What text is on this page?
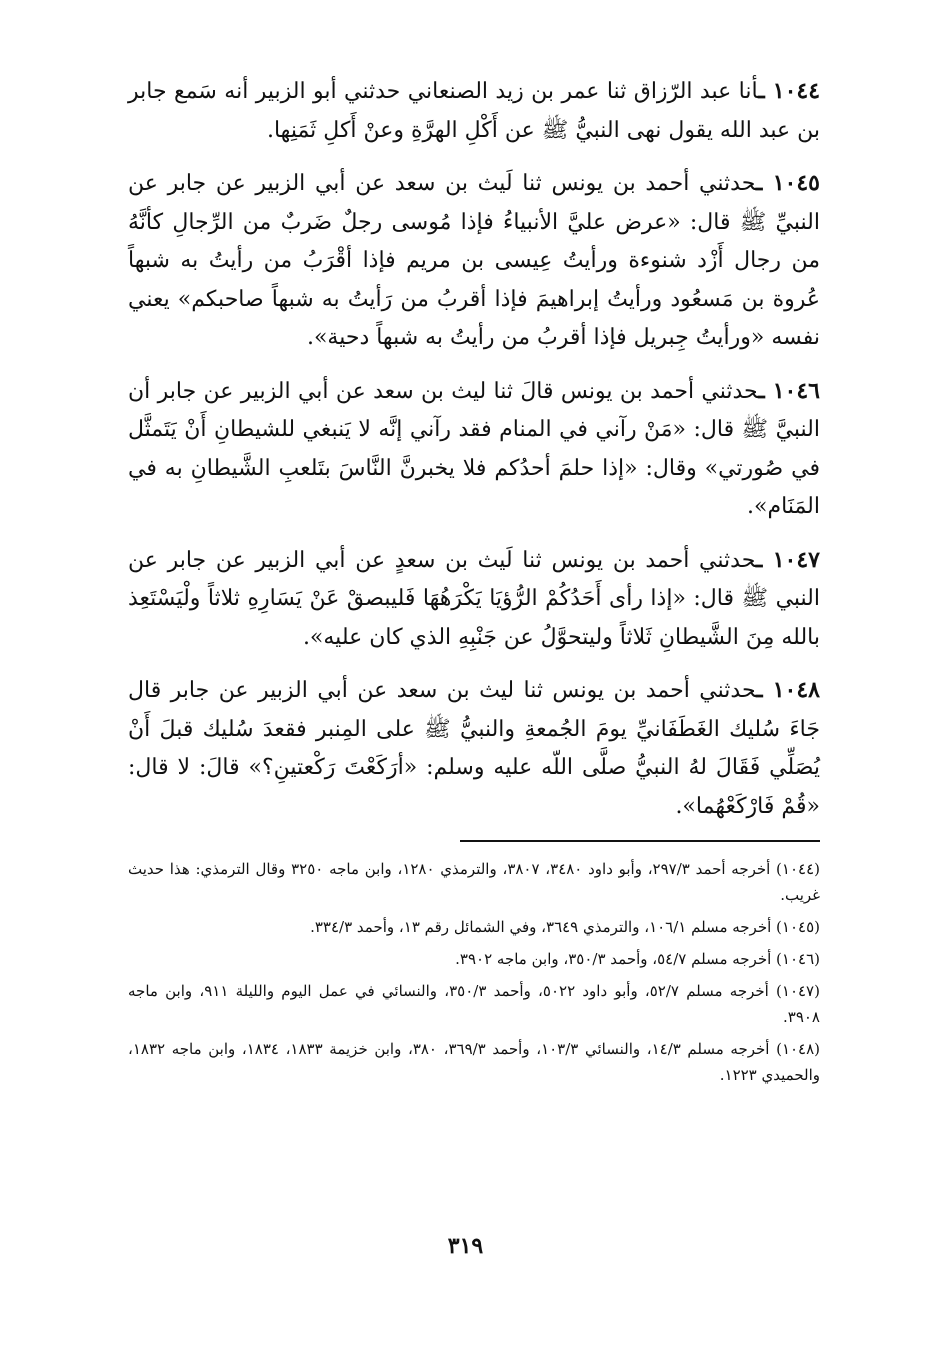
١٠٤٤ ـأنا عبد الرّزاق ثنا عمر بن زيد الصنعاني حدثني أبو الزبير أنه سَمع جابر بن عبد الله يقول نهى النبيُّ ﷺ عن أَكْلِ الهرَّةِ وعنْ أَكلِ ثَمَنِها.

١٠٤٥ ـحدثني أحمد بن يونس ثنا لَيث بن سعد عن أبي الزبير عن جابر عن النبيِّ ﷺ قال: «عرض عليَّ الأنبياءُ فإذا مُوسى رجلٌ ضَربٌ من الرِّجالِ كأنَّهُ من رجال أَزْد شنوءة ورأيتُ عِيسى بن مريم فإذا أقْرَبُ من رأيتُ به شبهاً عُروة بن مَسعُود ورأيتُ إبراهيمَ فإذا أقربُ من رَأيتُ به شبهاً صاحبكم» يعني نفسه «ورأيتُ جِبريل فإذا أقربُ من رأيتُ به شبهاً دحية».

١٠٤٦ ـحدثني أحمد بن يونس قالَ ثنا ليث بن سعد عن أبي الزبير عن جابر أن النبيَّ ﷺ قال: «مَنْ رآني في المنام فقد رآني إنَّه لا يَنبغي للشيطانِ أَنْ يَتَمثَّل في صُورتي» وقال: «إذا حلمَ أحدُكم فلا يخبرنَّ النَّاسَ بتَلعبِ الشَّيطانِ به في المَنَام».

١٠٤٧ ـحدثني أحمد بن يونس ثنا لَيث بن سعدٍ عن أبي الزبير عن جابر عن النبي ﷺ قال: «إذا رأى أَحَدُكُمْ الرُّؤيَا يَكْرَهُهَا فَليبصقْ عَنْ يَسَارِهِ ثلاثاً ولْيَسْتَعِذ بالله مِنَ الشَّيطانِ ثَلاثاً وليتحوَّلُ عن جَنْبِهِ الذي كان عليه».

١٠٤٨ ـحدثني أحمد بن يونس ثنا ليث بن سعد عن أبي الزبير عن جابر قال جَاءَ سُليك الغَطَفَانيِّ يومَ الجُمعةِ والنبيُّ ﷺ على المِنبر فقعدَ سُليك قبلَ أَنْ يُصَلِّي فَقَالَ لهُ النبيُّ صلَّى اللّه عليه وسلم: «أرَكَعْتَ رَكْعتينِ؟» قالَ: لا قال: «قُمْ فَارْكَعْهُما».

(١٠٤٤) أخرجه أحمد ٢٩٧/٣، وأبو داود ٣٤٨٠، ٣٨٠٧، والترمذي ١٢٨٠، وابن ماجه ٣٢٥٠ وقال الترمذي: هذا حديث غريب.

(١٠٤٥) أخرجه مسلم ١٠٦/١، والترمذي ٣٦٤٩، وفي الشمائل رقم ١٣، وأحمد ٣٣٤/٣.

(١٠٤٦) أخرجه مسلم ٥٤/٧، وأحمد ٣٥٠/٣، وابن ماجه ٣٩٠٢.

(١٠٤٧) أخرجه مسلم ٥٢/٧، وأبو داود ٥٠٢٢، وأحمد ٣٥٠/٣، والنسائي في عمل اليوم والليلة ٩١١، وابن ماجه ٣٩٠٨.

(١٠٤٨) أخرجه مسلم ١٤/٣، والنسائي ١٠٣/٣، وأحمد ٣٦٩/٣، ٣٨٠، وابن خزيمة ١٨٣٣، ١٨٣٤، وابن ماجه ١٨٣٢، والحميدي ١٢٢٣.

٣١٩
